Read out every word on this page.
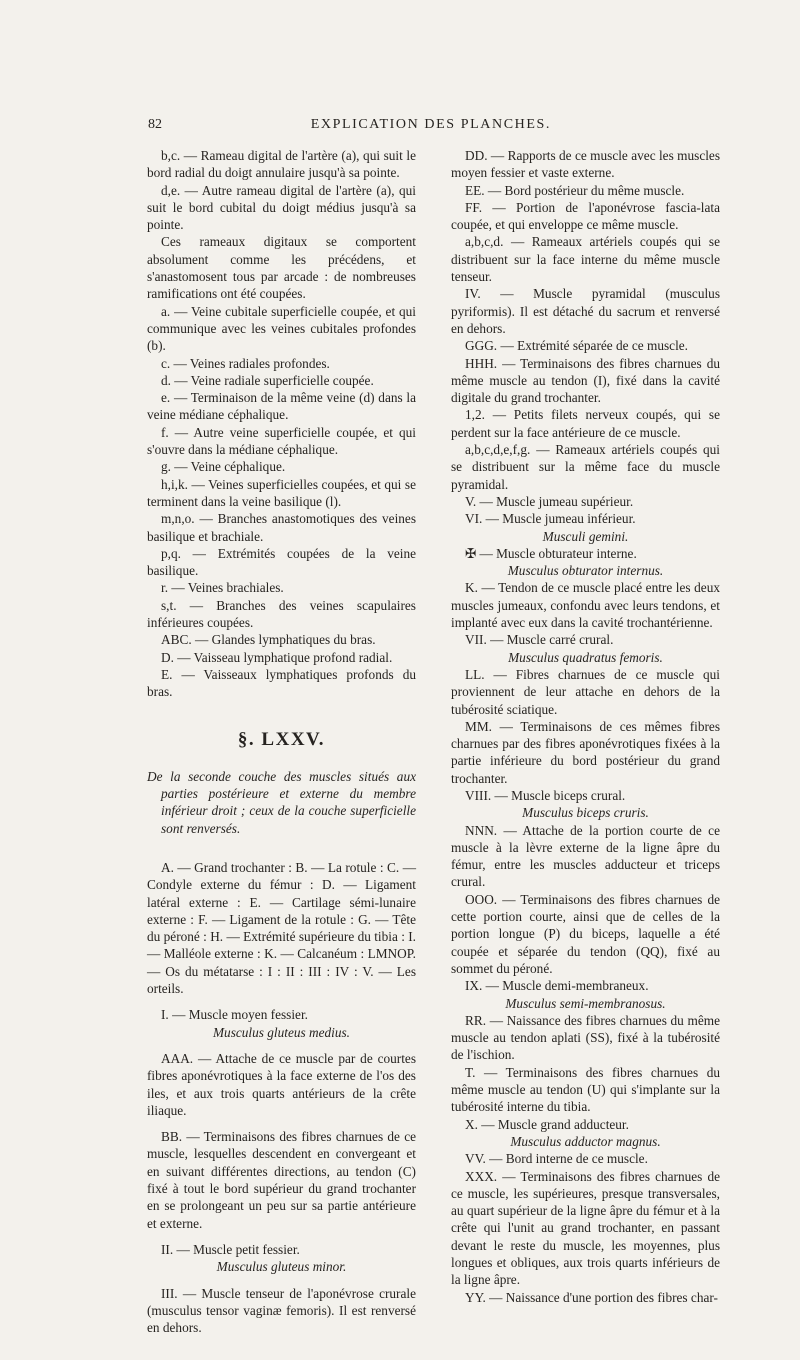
82	EXPLICATION DES PLANCHES.

b,c. — Rameau digital de l'artère (a), qui suit le bord radial du doigt annulaire jusqu'à sa pointe.

d,e. — Autre rameau digital de l'artère (a), qui suit le bord cubital du doigt médius jusqu'à sa pointe.

Ces rameaux digitaux se comportent absolument comme les précédens, et s'anastomosent tous par arcade : de nombreuses ramifications ont été coupées.

a. — Veine cubitale superficielle coupée, et qui communique avec les veines cubitales profondes (b).

c. — Veines radiales profondes.

d. — Veine radiale superficielle coupée.

e. — Terminaison de la même veine (d) dans la veine médiane céphalique.

f. — Autre veine superficielle coupée, et qui s'ouvre dans la médiane céphalique.

g. — Veine céphalique.

h,i,k. — Veines superficielles coupées, et qui se terminent dans la veine basilique (l).

m,n,o. — Branches anastomotiques des veines basilique et brachiale.

p,q. — Extrémités coupées de la veine basilique.

r. — Veines brachiales.

s,t. — Branches des veines scapulaires inférieures coupées.

ABC. — Glandes lymphatiques du bras.

D. — Vaisseau lymphatique profond radial.

E. — Vaisseaux lymphatiques profonds du bras.

§. LXXV.
De la seconde couche des muscles situés aux parties postérieure et externe du membre inférieur droit ; ceux de la couche superficielle sont renversés.

A. — Grand trochanter : B. — La rotule : C. — Condyle externe du fémur : D. — Ligament latéral externe : E. — Cartilage sémi-lunaire externe : F. — Ligament de la rotule : G. — Tête du péroné : H. — Extrémité supérieure du tibia : I. — Malléole externe : K. — Calcanéum : LMNOP. — Os du métatarse : I : II : III : IV : V. — Les orteils.

I. — Muscle moyen fessier.

Musculus gluteus medius.

AAA. — Attache de ce muscle par de courtes fibres aponévrotiques à la face externe de l'os des iles, et aux trois quarts antérieurs de la crête iliaque.

BB. — Terminaisons des fibres charnues de ce muscle, lesquelles descendent en convergeant et en suivant différentes directions, au tendon (C) fixé à tout le bord supérieur du grand trochanter en se prolongeant un peu sur sa partie antérieure et externe.

II. — Muscle petit fessier.

Musculus gluteus minor.

III. — Muscle tenseur de l'aponévrose crurale (musculus tensor vaginæ femoris). Il est renversé en dehors.

DD. — Rapports de ce muscle avec les muscles moyen fessier et vaste externe.

EE. — Bord postérieur du même muscle.

FF. — Portion de l'aponévrose fascia-lata coupée, et qui enveloppe ce même muscle.

a,b,c,d. — Rameaux artériels coupés qui se distribuent sur la face interne du même muscle tenseur.

IV. — Muscle pyramidal (musculus pyriformis). Il est détaché du sacrum et renversé en dehors.

GGG. — Extrémité séparée de ce muscle.

HHH. — Terminaisons des fibres charnues du même muscle au tendon (I), fixé dans la cavité digitale du grand trochanter.

1,2. — Petits filets nerveux coupés, qui se perdent sur la face antérieure de ce muscle.

a,b,c,d,e,f,g. — Rameaux artériels coupés qui se distribuent sur la même face du muscle pyramidal.

V. — Muscle jumeau supérieur.

VI. — Muscle jumeau inférieur.

Musculi gemini.

✠ — Muscle obturateur interne.

Musculus obturator internus.

K. — Tendon de ce muscle placé entre les deux muscles jumeaux, confondu avec leurs tendons, et implanté avec eux dans la cavité trochantérienne.

VII. — Muscle carré crural.

Musculus quadratus femoris.

LL. — Fibres charnues de ce muscle qui proviennent de leur attache en dehors de la tubérosité sciatique.

MM. — Terminaisons de ces mêmes fibres charnues par des fibres aponévrotiques fixées à la partie inférieure du bord postérieur du grand trochanter.

VIII. — Muscle biceps crural.

Musculus biceps cruris.

NNN. — Attache de la portion courte de ce muscle à la lèvre externe de la ligne âpre du fémur, entre les muscles adducteur et triceps crural.

OOO. — Terminaisons des fibres charnues de cette portion courte, ainsi que de celles de la portion longue (P) du biceps, laquelle a été coupée et séparée du tendon (QQ), fixé au sommet du péroné.

IX. — Muscle demi-membraneux.

Musculus semi-membranosus.

RR. — Naissance des fibres charnues du même muscle au tendon aplati (SS), fixé à la tubérosité de l'ischion.

T. — Terminaisons des fibres charnues du même muscle au tendon (U) qui s'implante sur la tubérosité interne du tibia.

X. — Muscle grand adducteur.

Musculus adductor magnus.

VV. — Bord interne de ce muscle.

XXX. — Terminaisons des fibres charnues de ce muscle, les supérieures, presque transversales, au quart supérieur de la ligne âpre du fémur et à la crête qui l'unit au grand trochanter, en passant devant le reste du muscle, les moyennes, plus longues et obliques, aux trois quarts inférieurs de la ligne âpre.

YY. — Naissance d'une portion des fibres char-
